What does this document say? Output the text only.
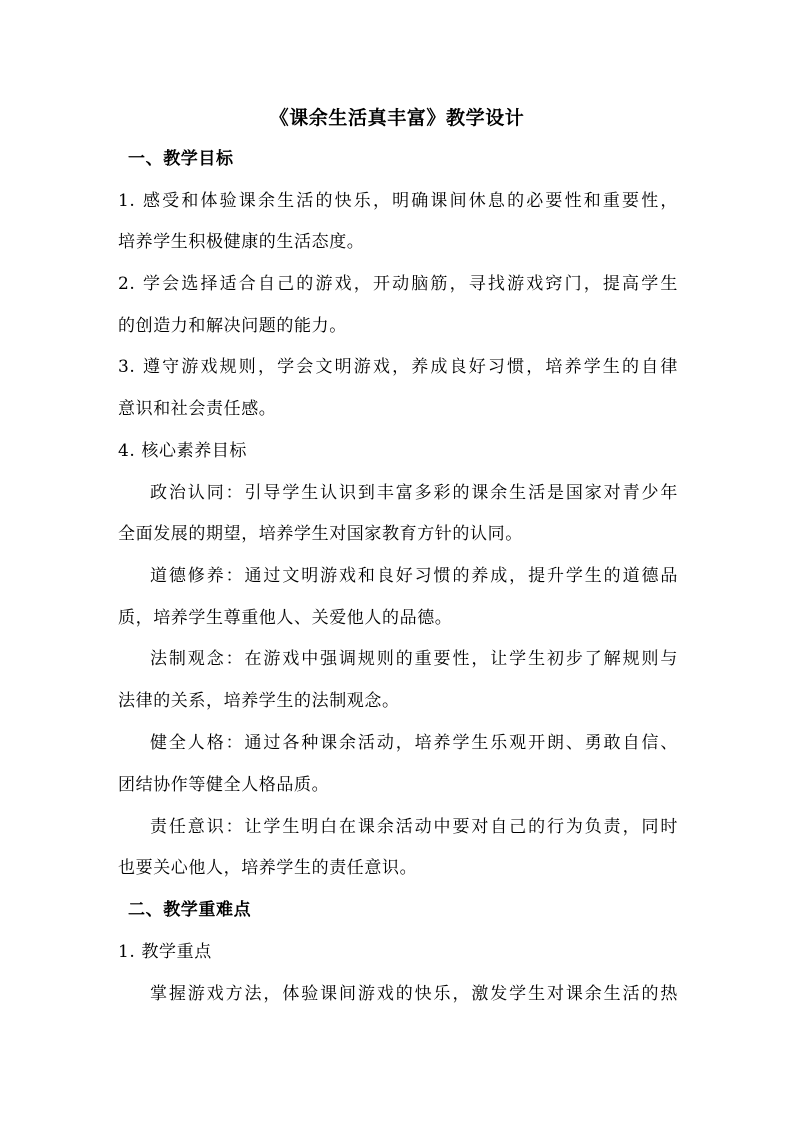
《课余生活真丰富》教学设计
一、教学目标
1. 感受和体验课余生活的快乐，明确课间休息的必要性和重要性，
培养学生积极健康的生活态度。
2. 学会选择适合自己的游戏，开动脑筋，寻找游戏窍门，提高学生
的创造力和解决问题的能力。
3. 遵守游戏规则，学会文明游戏，养成良好习惯，培养学生的自律
意识和社会责任感。
4. 核心素养目标
政治认同：引导学生认识到丰富多彩的课余生活是国家对青少年
全面发展的期望，培养学生对国家教育方针的认同。
道德修养：通过文明游戏和良好习惯的养成，提升学生的道德品
质，培养学生尊重他人、关爱他人的品德。
法制观念：在游戏中强调规则的重要性，让学生初步了解规则与
法律的关系，培养学生的法制观念。
健全人格：通过各种课余活动，培养学生乐观开朗、勇敢自信、
团结协作等健全人格品质。
责任意识：让学生明白在课余活动中要对自己的行为负责，同时
也要关心他人，培养学生的责任意识。
二、教学重难点
1. 教学重点
掌握游戏方法，体验课间游戏的快乐，激发学生对课余生活的热
